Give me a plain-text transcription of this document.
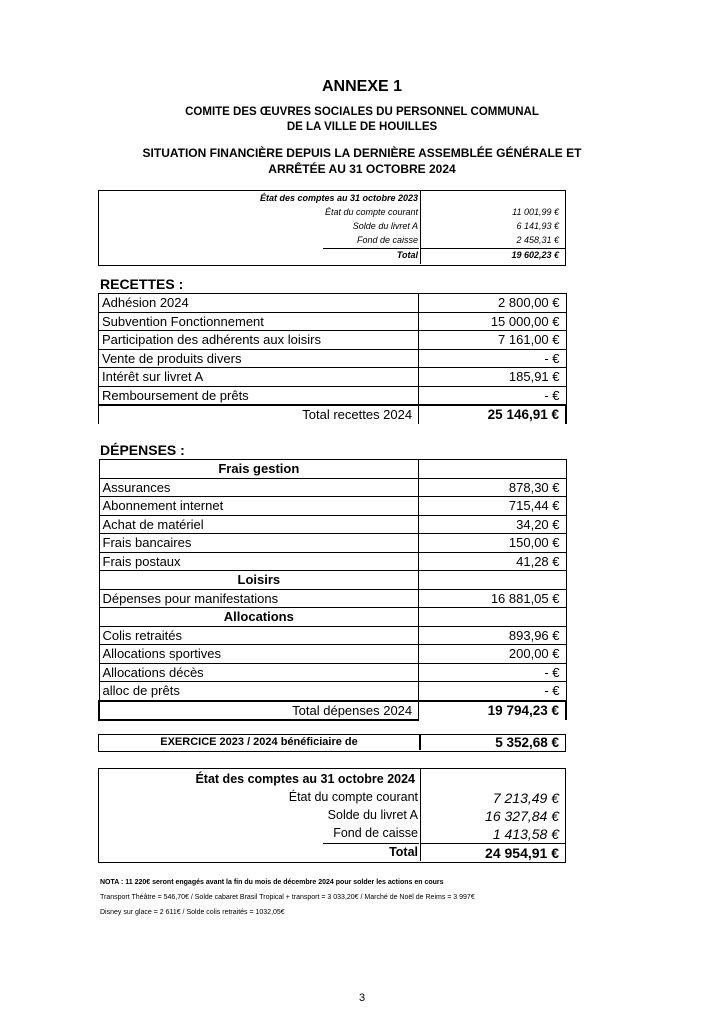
ANNEXE 1
COMITE DES ŒUVRES SOCIALES DU PERSONNEL COMMUNAL
DE LA VILLE DE HOUILLES
SITUATION FINANCIÈRE DEPUIS LA DERNIÈRE ASSEMBLÉE GÉNÉRALE ET
ARRÊTÉE AU 31 OCTOBRE 2024
État des comptes au 31 octobre 2023
État du compte courant	11 001,99 €
Solde du livret A	6 141,93 €
Fond de caisse	2 458,31 €
Total	19 602,23 €
RECETTES :
Adhésion 2024	2 800,00 €
Subvention Fonctionnement	15 000,00 €
Participation des adhérents aux loisirs	7 161,00 €
Vente de produits divers	- €
Intérêt sur livret A	185,91 €
Remboursement de prêts	- €
Total recettes 2024	25 146,91 €
DÉPENSES :
Frais gestion	
Assurances	878,30 €
Abonnement internet	715,44 €
Achat de matériel	34,20 €
Frais bancaires	150,00 €
Frais postaux	41,28 €
Loisirs	
Dépenses pour manifestations	16 881,05 €
Allocations	
Colis retraités	893,96 €
Allocations sportives	200,00 €
Allocations décès	- €
alloc de prêts	- €
Total dépenses 2024	19 794,23 €
EXERCICE 2023 / 2024 bénéficiaire de	5 352,68 €
État des comptes au 31 octobre 2024
État du compte courant	7 213,49 €
Solde du livret A	16 327,84 €
Fond de caisse	1 413,58 €
Total	24 954,91 €
NOTA : 11 220€ seront engagés avant la fin du mois de décembre 2024 pour solder les actions en cours
Transport Théâtre = 546,70€ / Solde cabaret Brasil Tropical + transport = 3 033,20€ / Marché de Noël de Reims = 3 997€
Disney sur glace = 2 611€ / Solde colis retraités = 1032,05€
3
